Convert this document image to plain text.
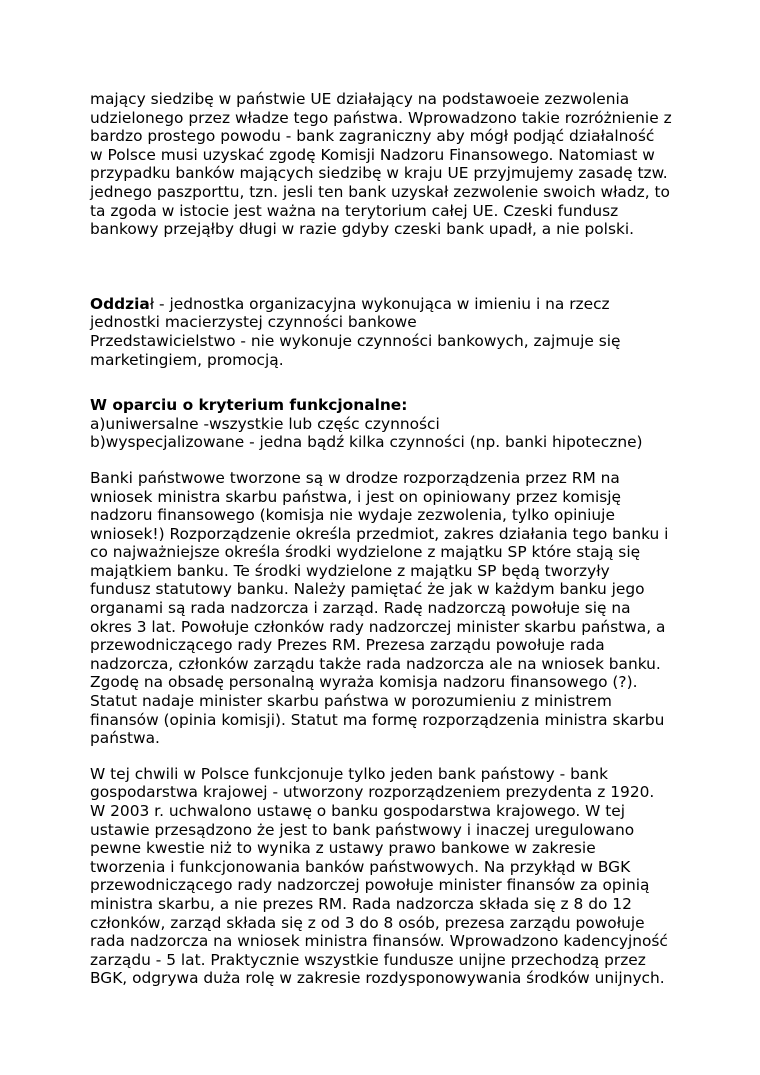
mający siedzibę w państwie UE działający na podstawoeie zezwolenia
udzielonego przez władze tego państwa. Wprowadzono takie rozróżnienie z
bardzo prostego powodu - bank zagraniczny aby mógł podjąć działalność
w Polsce musi uzyskać zgodę Komisji Nadzoru Finansowego. Natomiast w
przypadku banków mających siedzibę w kraju UE przyjmujemy zasadę tzw.
jednego paszporttu, tzn. jesli ten bank uzyskał zezwolenie swoich władz, to
ta zgoda w istocie jest ważna na terytorium całej UE. Czeski fundusz
bankowy przejąłby długi w razie gdyby czeski bank upadł, a nie polski.
Oddział - jednostka organizacyjna wykonująca w imieniu i na rzecz
jednostki macierzystej czynności bankowe
Przedstawicielstwo - nie wykonuje czynności bankowych, zajmuje się
marketingiem, promocją.
W oparciu o kryterium funkcjonalne:
a)uniwersalne -wszystkie lub częśc czynności
b)wyspecjalizowane - jedna bądź kilka czynności (np. banki hipoteczne)
Banki państwowe tworzone są w drodze rozporządzenia przez RM na
wniosek ministra skarbu państwa, i jest on opiniowany przez komisję
nadzoru finansowego (komisja nie wydaje zezwolenia, tylko opiniuje
wniosek!) Rozporządzenie określa przedmiot, zakres działania tego banku i
co najważniejsze określa środki wydzielone z majątku SP które stają się
majątkiem banku. Te środki wydzielone z majątku SP będą tworzyły
fundusz statutowy banku. Należy pamiętać że jak w każdym banku jego
organami są rada nadzorcza i zarząd. Radę nadzorczą powołuje się na
okres 3 lat. Powołuje członków rady nadzorczej minister skarbu państwa, a
przewodniczącego rady Prezes RM. Prezesa zarządu powołuje rada
nadzorcza, członków zarządu także rada nadzorcza ale na wniosek banku.
Zgodę na obsadę personalną wyraża komisja nadzoru finansowego (?).
Statut nadaje minister skarbu państwa w porozumieniu z ministrem
finansów (opinia komisji). Statut ma formę rozporządzenia ministra skarbu
państwa.
W tej chwili w Polsce funkcjonuje tylko jeden bank państowy - bank
gospodarstwa krajowej - utworzony rozporządzeniem prezydenta z 1920.
W 2003 r. uchwalono ustawę o banku gospodarstwa krajowego. W tej
ustawie przesądzono że jest to bank państwowy i inaczej uregulowano
pewne kwestie niż to wynika z ustawy prawo bankowe w zakresie
tworzenia i funkcjonowania banków państwowych. Na przykłąd w BGK
przewodniczącego rady nadzorczej powołuje minister finansów za opinią
ministra skarbu, a nie prezes RM. Rada nadzorcza składa się z 8 do 12
członków, zarząd składa się z od 3 do 8 osób, prezesa zarządu powołuje
rada nadzorcza na wniosek ministra finansów. Wprowadzono kadencyjność
zarządu - 5 lat. Praktycznie wszystkie fundusze unijne przechodzą przez
BGK, odgrywa duża rolę w zakresie rozdysponowywania środków unijnych.
